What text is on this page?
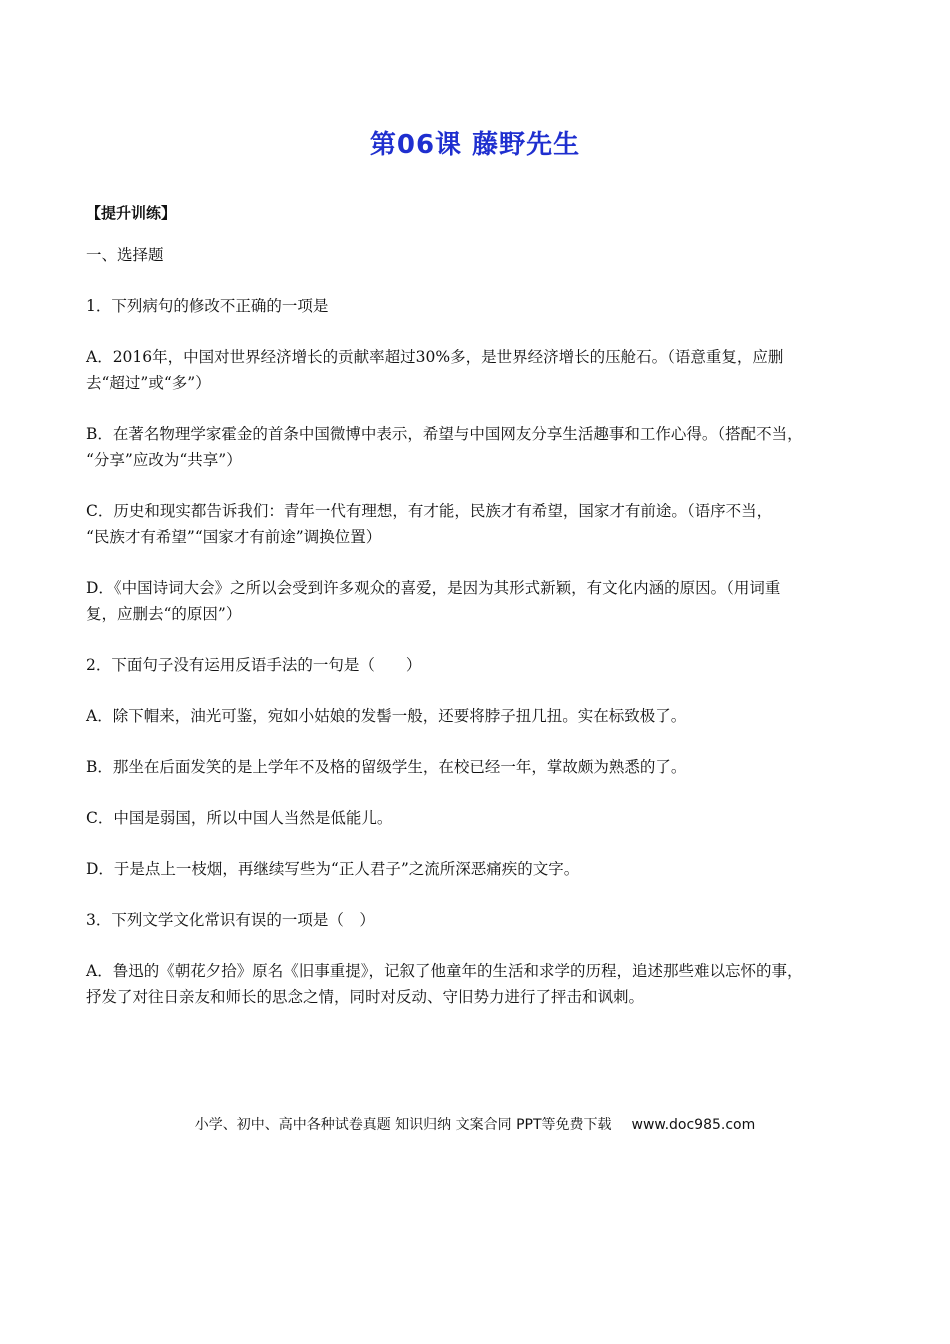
第06课 藤野先生

【提升训练】

一、选择题

1．下列病句的修改不正确的一项是

A．2016年，中国对世界经济增长的贡献率超过30%多，是世界经济增长的压舱石。（语意重复，应删

去“超过”或“多”）

B．在著名物理学家霍金的首条中国微博中表示，希望与中国网友分享生活趣事和工作心得。（搭配不当，

“分享”应改为“共享”）

C．历史和现实都告诉我们：青年一代有理想，有才能，民族才有希望，国家才有前途。（语序不当，

“民族才有希望”“国家才有前途”调换位置）

D．《中国诗词大会》之所以会受到许多观众的喜爱，是因为其形式新颖，有文化内涵的原因。（用词重

复，应删去“的原因”）

2．下面句子没有运用反语手法的一句是（　　）

A．除下帽来，油光可鉴，宛如小姑娘的发髻一般，还要将脖子扭几扭。实在标致极了。

B．那坐在后面发笑的是上学年不及格的留级学生，在校已经一年，掌故颇为熟悉的了。

C．中国是弱国，所以中国人当然是低能儿。

D．于是点上一枝烟，再继续写些为“正人君子”之流所深恶痛疾的文字。

3．下列文学文化常识有误的一项是（　）

A．鲁迅的《朝花夕拾》原名《旧事重提》，记叙了他童年的生活和求学的历程，追述那些难以忘怀的事，

抒发了对往日亲友和师长的思念之情，同时对反动、守旧势力进行了抨击和讽刺。

小学、初中、高中各种试卷真题 知识归纳 文案合同 PPT等免费下载 www.doc985.com
